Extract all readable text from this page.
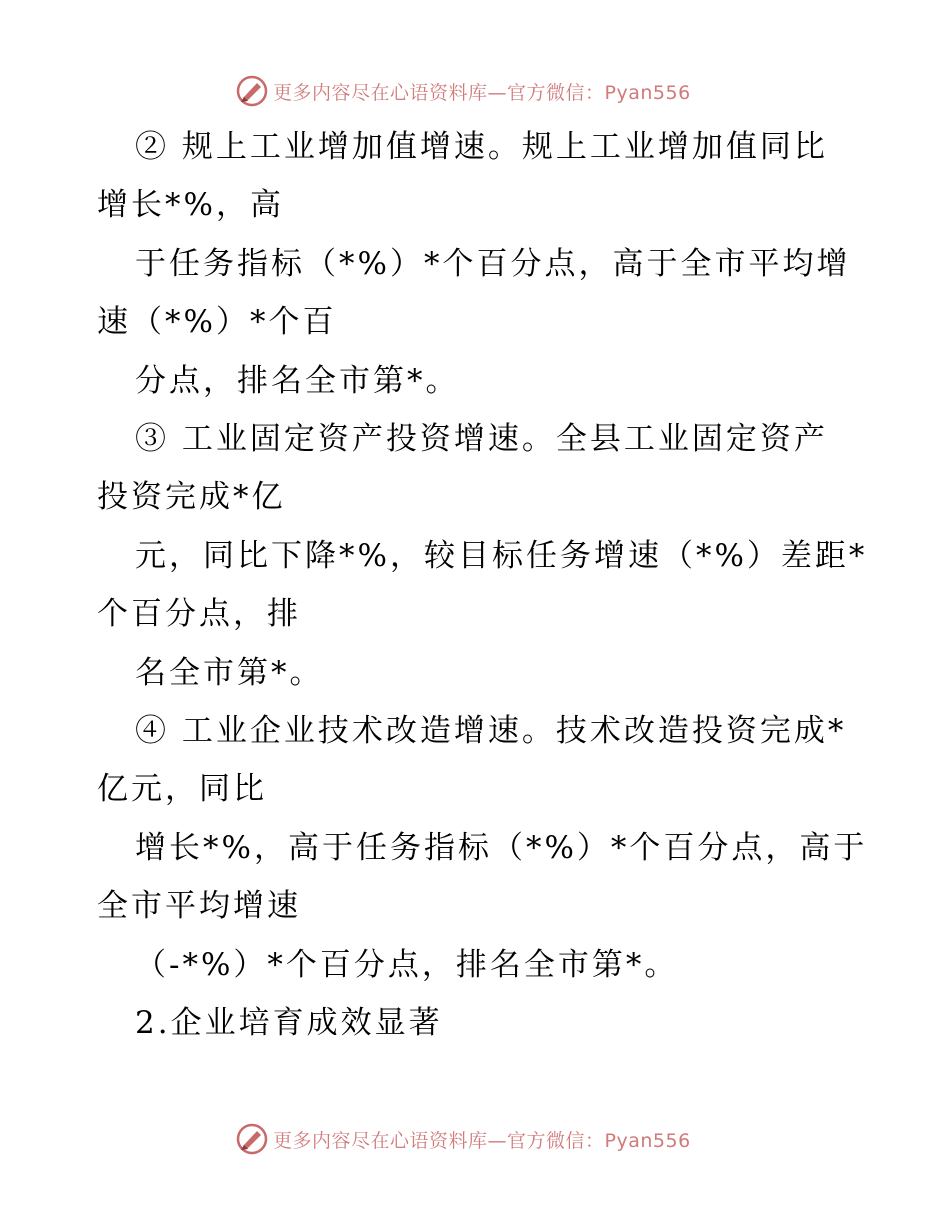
更多内容尽在心语资料库—官方微信：Pyan556
② 规上工业增加值增速。规上工业增加值同比
增长*%，高
于任务指标（*%）*个百分点，高于全市平均增
速（*%）*个百
分点，排名全市第*。
③ 工业固定资产投资增速。全县工业固定资产
投资完成*亿
元，同比下降*%，较目标任务增速（*%）差距*
个百分点，排
名全市第*。
④ 工业企业技术改造增速。技术改造投资完成*
亿元，同比
增长*%，高于任务指标（*%）*个百分点，高于
全市平均增速
（-*%）*个百分点，排名全市第*。
2.企业培育成效显著
更多内容尽在心语资料库—官方微信：Pyan556
